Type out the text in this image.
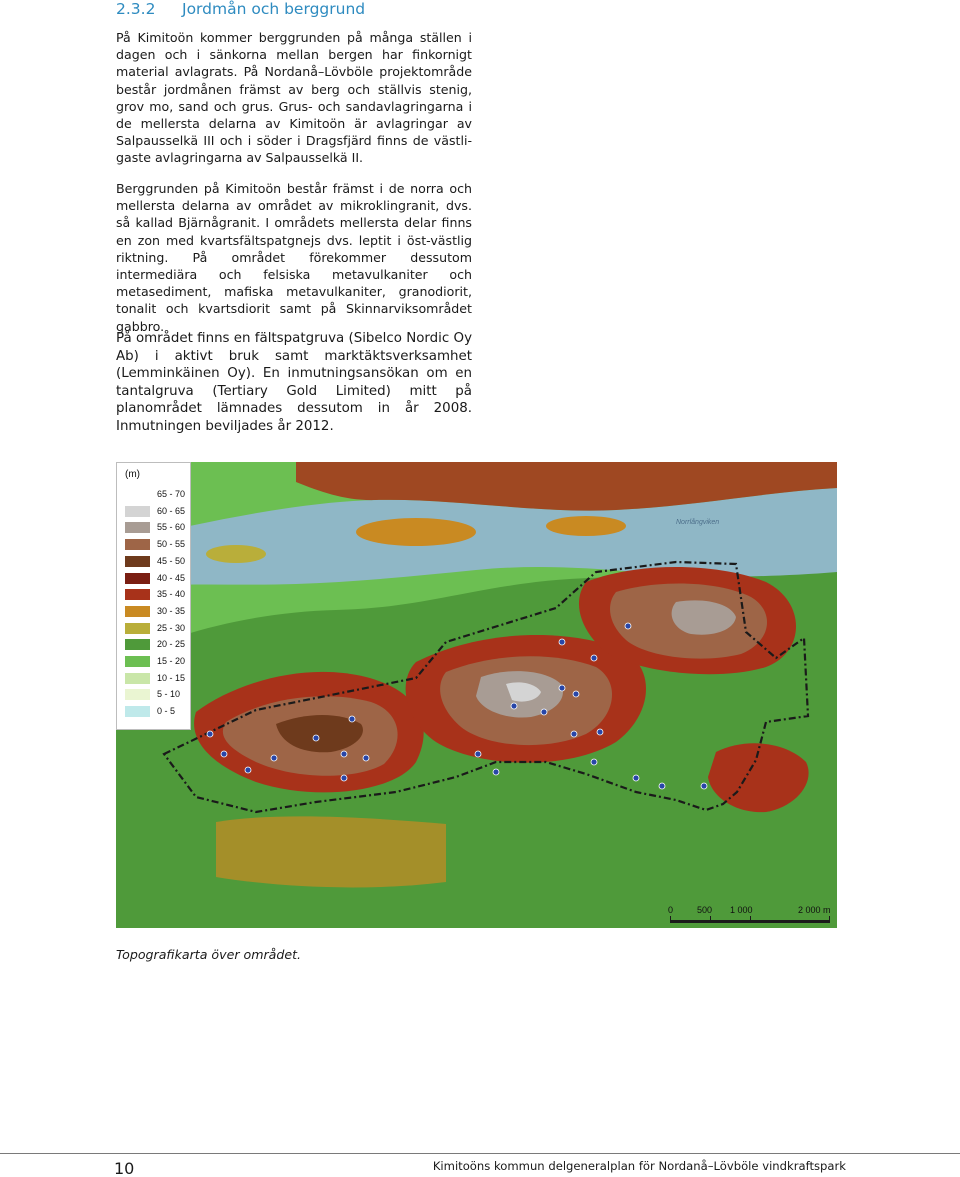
2.3.2 Jordmån och berggrund

På Kimitoön kommer berggrunden på många ställen i dagen och i sänkorna mellan bergen har finkornigt material avlagrats. På Nordanå–Lövböle projektområde består jordmånen främst av berg och ställvis stenig, grov mo, sand och grus. Grus- och sandavlagringarna i de mellersta delarna av Kimitoön är avlagringar av Salpausselkä III och i söder i Dragsfjärd finns de västligaste avlagringarna av Salpausselkä II.

Berggrunden på Kimitoön består främst i de norra och mellersta delarna av området av mikroklingranit, dvs. så kallad Bjärnågranit. I områdets mellersta delar finns en zon med kvartsfältspatgnejs dvs. leptit i öst-västlig riktning. På området förekommer dessutom intermediära och felsiska metavulkaniter och metasediment, mafiska metavulkaniter, granodiorit, tonalit och kvartsdiorit samt på Skinnarviksområdet gabbro.

På området finns en fältspatgruva (Sibelco Nordic Oy Ab) i aktivt bruk samt marktäktsverksamhet (Lemminkäinen Oy). En inmutningsansökan om en tantalgruva (Tertiary Gold Limited) mitt på planområdet lämnades dessutom in år 2008. Inmutningen beviljades år 2012.

Norrlångviken
(m)
65 - 70
60 - 65
55 - 60
50 - 55
45 - 50
40 - 45
35 - 40
30 - 35
25 - 30
20 - 25
15 - 20
10 - 15
5 - 10
0 - 5
0	500 1 000	2 000 m
Topografikarta över området.
10	Kimitoöns kommun delgeneralplan för Nordanå–Lövböle vindkraftspark
